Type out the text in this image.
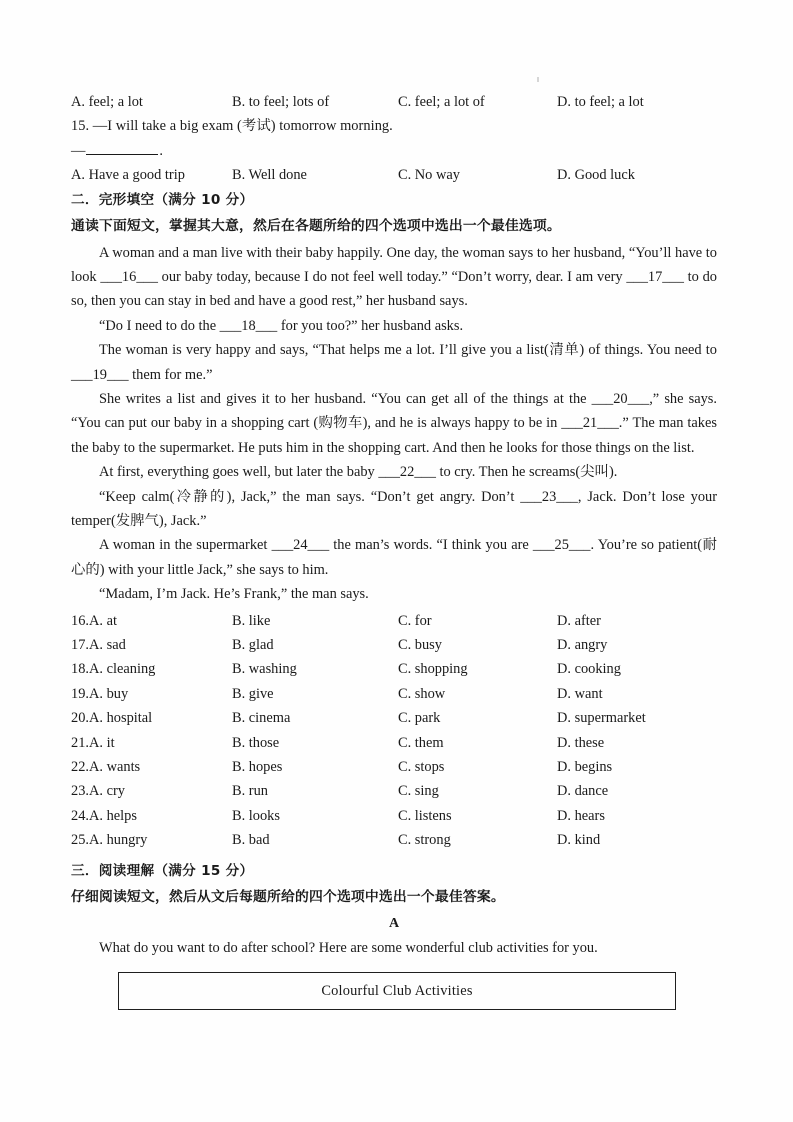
A. feel; a lot	B. to feel; lots of	C. feel; a lot of	D. to feel; a lot
15. —I will take a big exam (考试) tomorrow morning.
—	.
A. Have a good trip	B. Well done	C. No way	D. Good luck
二．完形填空（满分 10 分）
通读下面短文，掌握其大意，然后在各题所给的四个选项中选出一个最佳选项。

A woman and a man live with their baby happily. One day, the woman says to her husband, “You’ll have to look ___16___ our baby today, because I do not feel well today.” “Don’t worry, dear. I am very ___17___ to do so, then you can stay in bed and have a good rest,” her husband says.

“Do I need to do the ___18___ for you too?” her husband asks.

The woman is very happy and says, “That helps me a lot. I’ll give you a list(清单) of things. You need to ___19___ them for me.”

She writes a list and gives it to her husband. “You can get all of the things at the ___20___,” she says. “You can put our baby in a shopping cart (购物车), and he is always happy to be in ___21___.” The man takes the baby to the supermarket. He puts him in the shopping cart. And then he looks for those things on the list.

At first, everything goes well, but later the baby ___22___ to cry. Then he screams(尖叫).

“Keep calm(冷静的), Jack,” the man says. “Don’t get angry. Don’t ___23___, Jack. Don’t lose your temper(发脾气), Jack.”

A woman in the supermarket ___24___ the man’s words. “I think you are ___25___. You’re so patient(耐心的) with your little Jack,” she says to him.

“Madam, I’m Jack. He’s Frank,” the man says.

16.A. at	B. like	C. for	D. after
17.A. sad	B. glad	C. busy	D. angry
18.A. cleaning	B. washing	C. shopping	D. cooking
19.A. buy	B. give	C. show	D. want
20.A. hospital	B. cinema	C. park	D. supermarket
21.A. it	B. those	C. them	D. these
22.A. wants	B. hopes	C. stops	D. begins
23.A. cry	B. run	C. sing	D. dance
24.A. helps	B. looks	C. listens	D. hears
25.A. hungry	B. bad	C. strong	D. kind
三．阅读理解（满分 15 分）
仔细阅读短文，然后从文后每题所给的四个选项中选出一个最佳答案。
A

What do you want to do after school? Here are some wonderful club activities for you.

Colourful Club Activities
